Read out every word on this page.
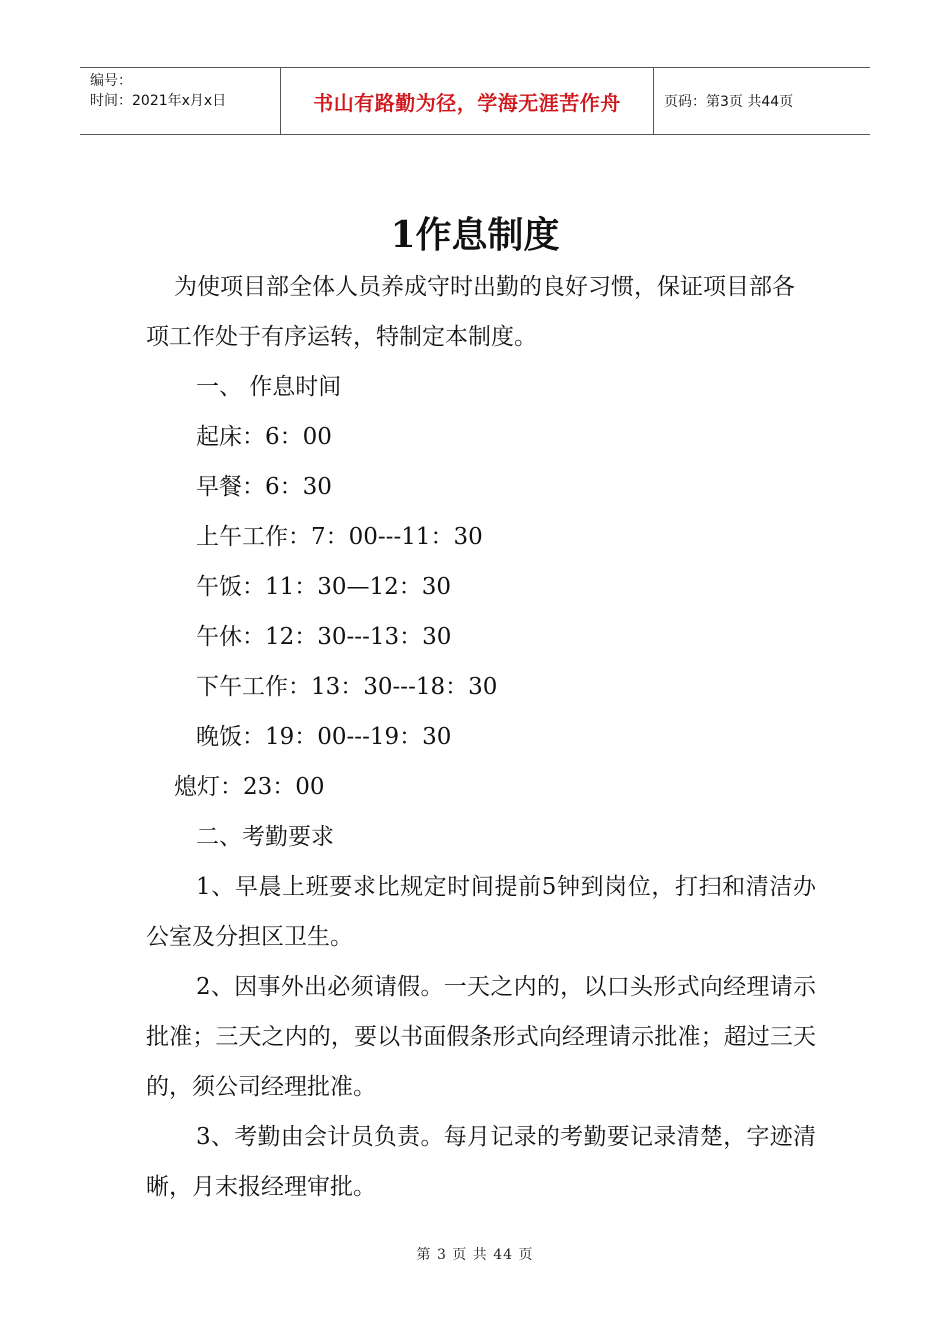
编号：
时间：2021年x月x日	书山有路勤为径，学海无涯苦作舟	页码：第3页 共44页
1作息制度

为使项目部全体人员养成守时出勤的良好习惯，保证项目部各项工作处于有序运转，特制定本制度。

一、 作息时间

起床：6：00

早餐：6：30

上午工作：7：00---11：30

午饭：11：30—12：30

午休：12：30---13：30

下午工作：13：30---18：30

晚饭：19：00---19：30

熄灯：23：00

二、考勤要求

1、早晨上班要求比规定时间提前5钟到岗位，打扫和清洁办公室及分担区卫生。

2、因事外出必须请假。一天之内的，以口头形式向经理请示批准；三天之内的，要以书面假条形式向经理请示批准；超过三天的，须公司经理批准。

3、考勤由会计员负责。每月记录的考勤要记录清楚，字迹清晰，月末报经理审批。

第 3 页 共 44 页
